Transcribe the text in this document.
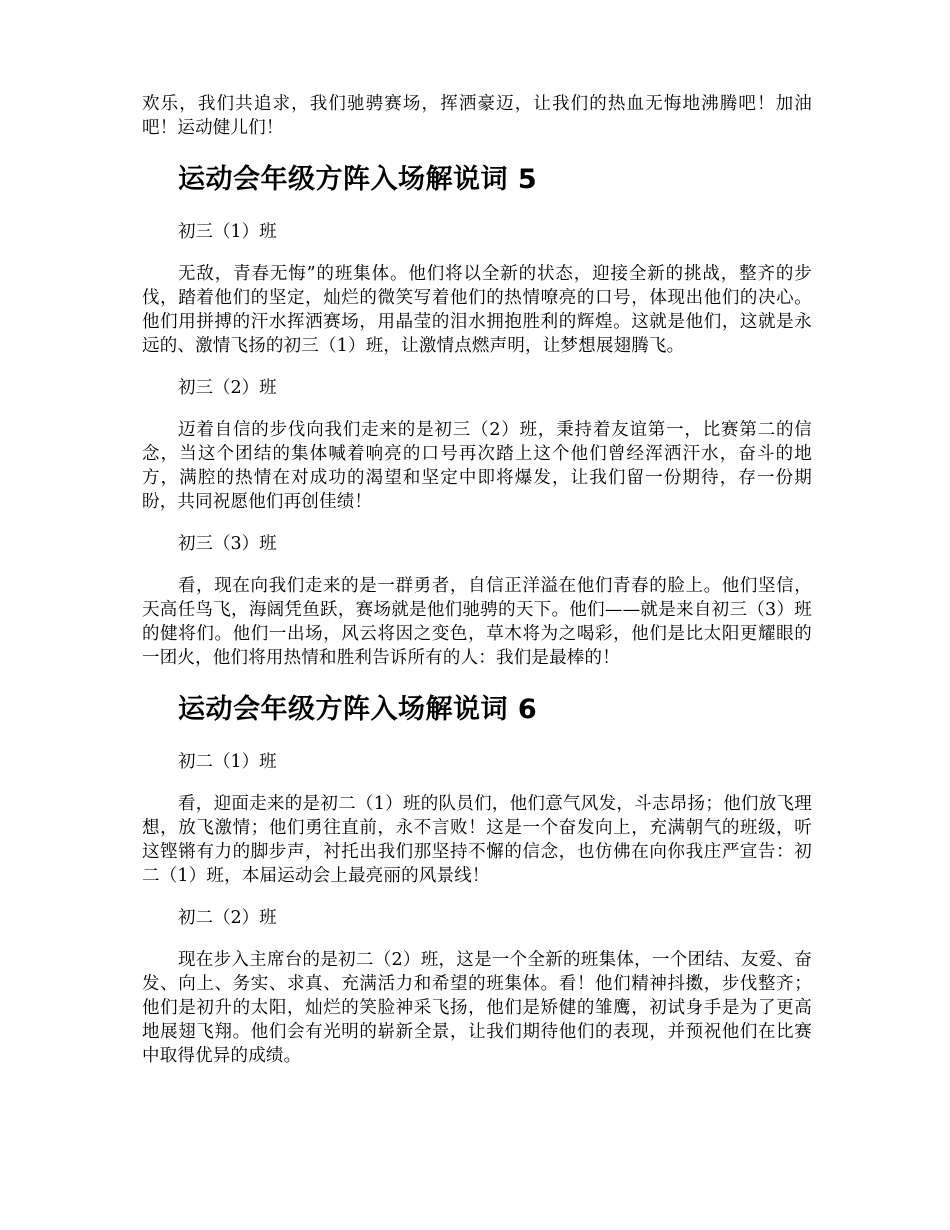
欢乐，我们共追求，我们驰骋赛场，挥洒豪迈，让我们的热血无悔地沸腾吧！加油吧！运动健儿们！

运动会年级方阵入场解说词 5

初三（1）班

无敌，青春无悔”的班集体。他们将以全新的状态，迎接全新的挑战，整齐的步伐，踏着他们的坚定，灿烂的微笑写着他们的热情嘹亮的口号，体现出他们的决心。他们用拼搏的汗水挥洒赛场，用晶莹的泪水拥抱胜利的辉煌。这就是他们，这就是永远的、激情飞扬的初三（1）班，让激情点燃声明，让梦想展翅腾飞。

初三（2）班

迈着自信的步伐向我们走来的是初三（2）班，秉持着友谊第一，比赛第二的信念，当这个团结的集体喊着响亮的口号再次踏上这个他们曾经浑洒汗水，奋斗的地方，满腔的热情在对成功的渴望和坚定中即将爆发，让我们留一份期待，存一份期盼，共同祝愿他们再创佳绩！

初三（3）班

看，现在向我们走来的是一群勇者，自信正洋溢在他们青春的脸上。他们坚信，天高任鸟飞，海阔凭鱼跃，赛场就是他们驰骋的天下。他们——就是来自初三（3）班的健将们。他们一出场，风云将因之变色，草木将为之喝彩，他们是比太阳更耀眼的一团火，他们将用热情和胜利告诉所有的人：我们是最棒的！

运动会年级方阵入场解说词 6

初二（1）班

看，迎面走来的是初二（1）班的队员们，他们意气风发，斗志昂扬；他们放飞理想，放飞激情；他们勇往直前，永不言败！这是一个奋发向上，充满朝气的班级，听这铿锵有力的脚步声，衬托出我们那坚持不懈的信念，也仿佛在向你我庄严宣告：初二（1）班，本届运动会上最亮丽的风景线！

初二（2）班

现在步入主席台的是初二（2）班，这是一个全新的班集体，一个团结、友爱、奋发、向上、务实、求真、充满活力和希望的班集体。看！他们精神抖擞，步伐整齐；他们是初升的太阳，灿烂的笑脸神采飞扬，他们是矫健的雏鹰，初试身手是为了更高地展翅飞翔。他们会有光明的崭新全景，让我们期待他们的表现，并预祝他们在比赛中取得优异的成绩。
